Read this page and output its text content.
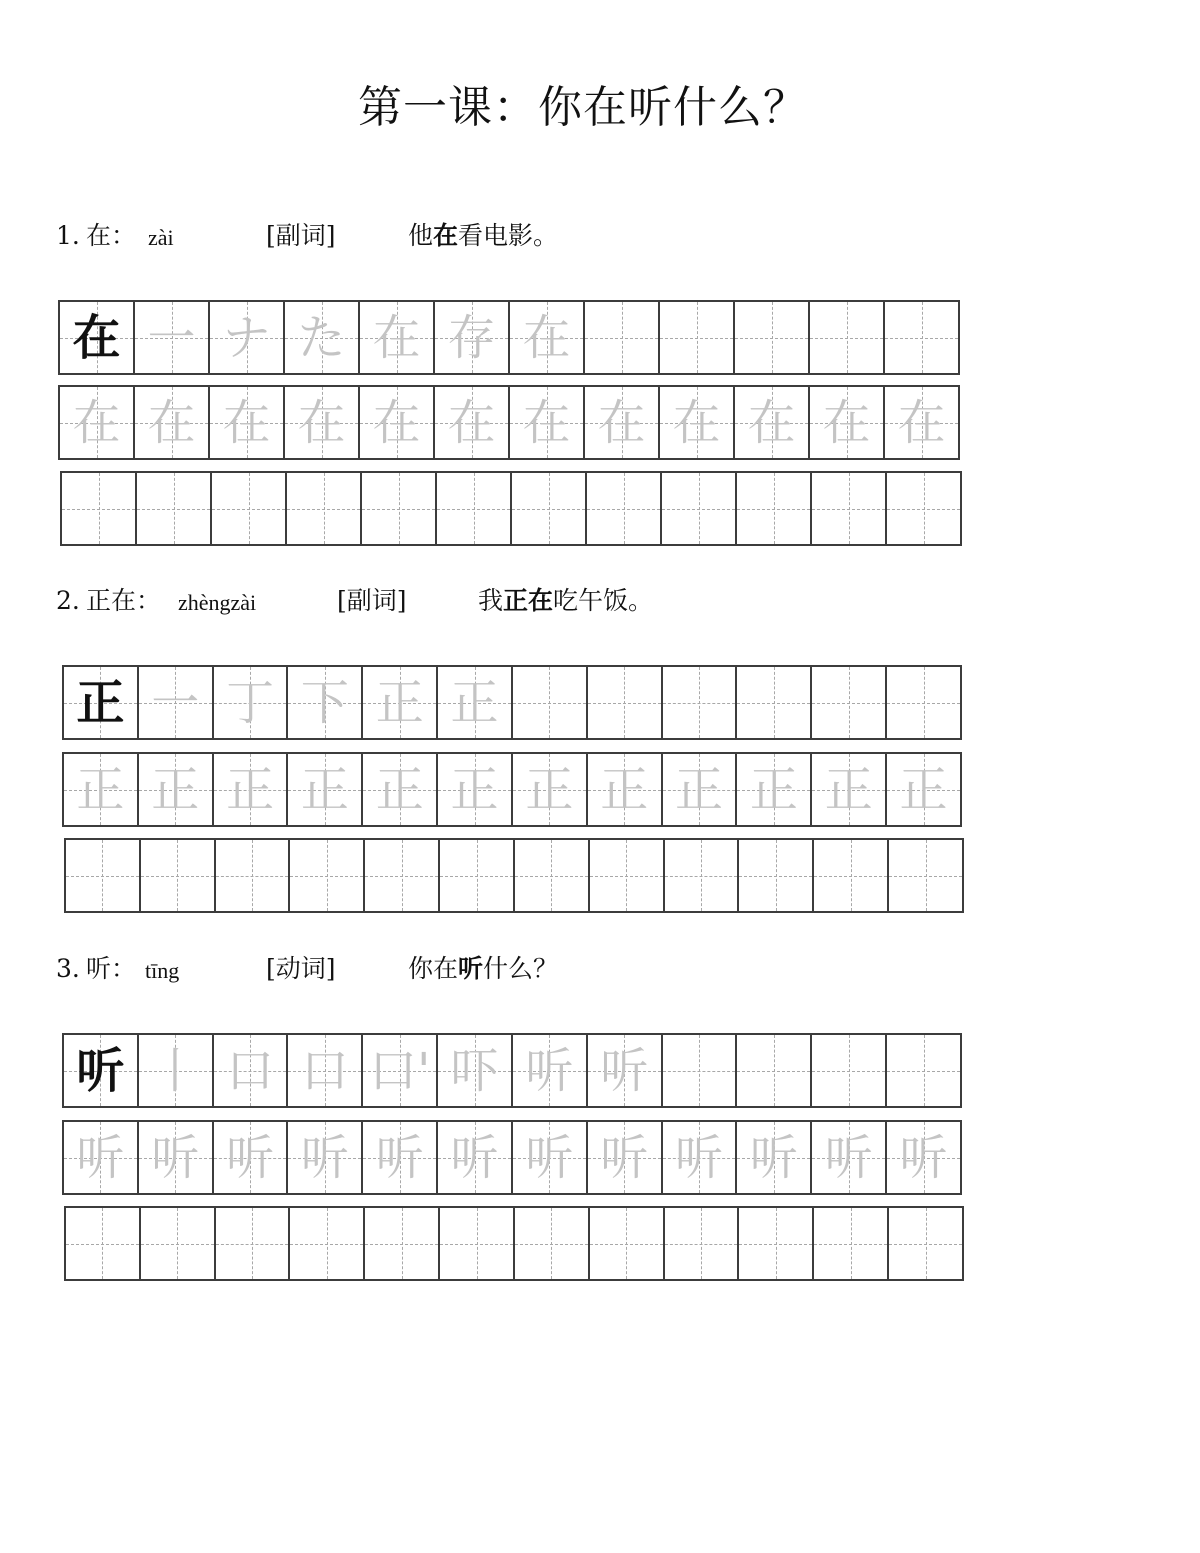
第一课：你在听什么？
1. 在： zài	[副词]	他在看电影。
在 一 ナ た 在 存 在
在 在 在 在 在 在 在 在 在 在 在 在
2. 正在： zhèngzài	[副词]	我正在吃午饭。
正 一 丁 下 正 正
正 正 正 正 正 正 正 正 正 正 正 正
3. 听： tīng	[动词]	你在听什么？
听 丨 口 口 口' 吓 听 听
听 听 听 听 听 听 听 听 听 听 听 听
